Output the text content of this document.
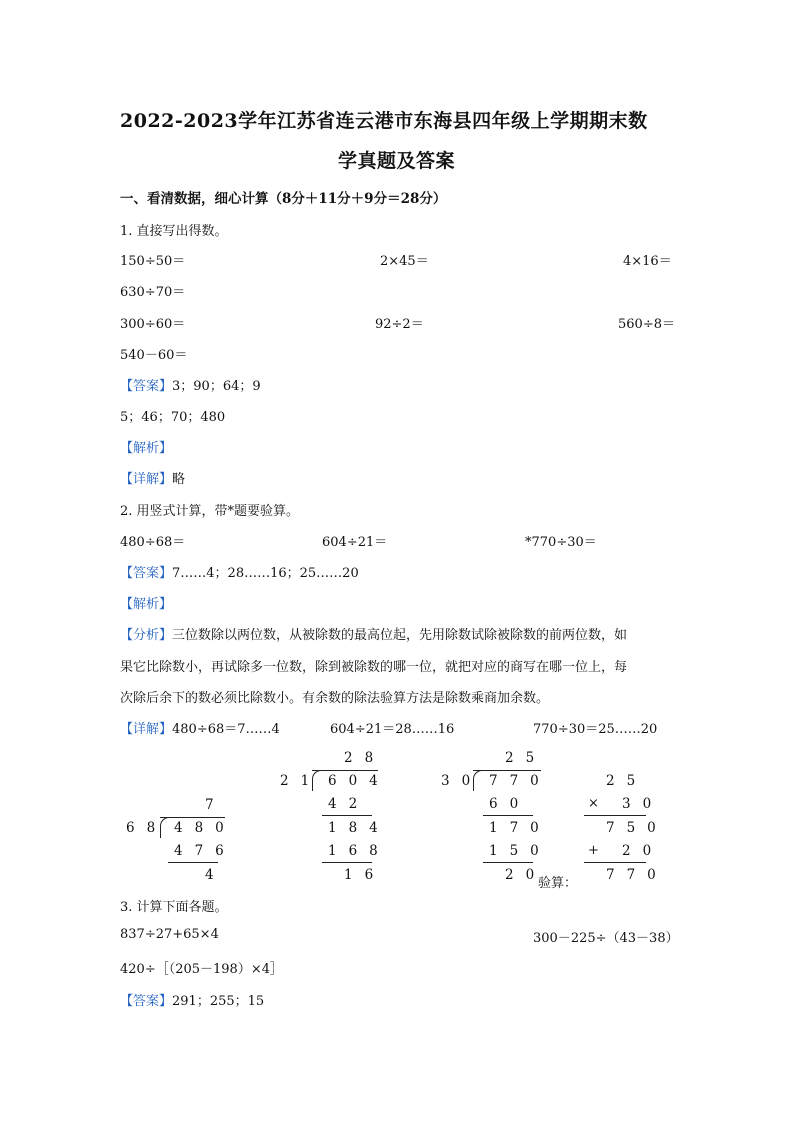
2022-2023学年江苏省连云港市东海县四年级上学期期末数
学真题及答案
一、看清数据，细心计算（8分＋11分＋9分＝28分）
1. 直接写出得数。
150÷50＝	2×45＝	4×16＝
630÷70＝
300÷60＝	92÷2＝	560÷8＝
540－60＝
【答案】3；90；64；9
5；46；70；480
【解析】
【详解】略
2. 用竖式计算，带*题要验算。
480÷68＝	604÷21＝	*770÷30＝
【答案】7……4；28……16；25……20
【解析】
【分析】三位数除以两位数，从被除数的最高位起，先用除数试除被除数的前两位数，如
果它比除数小，再试除多一位数，除到被除数的哪一位，就把对应的商写在哪一位上，每
次除后余下的数必须比除数小。有余数的除法验算方法是除数乘商加余数。
【详解】480÷68＝7……4	604÷21＝28……16	770÷30＝25……20
7
68 480
476
4
28
21 604
42
184
168
16
25
30 770
60
170
150
20
验算：
25
× 30
750
+ 20
770
3. 计算下面各题。
837÷27+65×4	300－225÷（43－38）
420÷［（205－198）×4］
【答案】291；255；15
